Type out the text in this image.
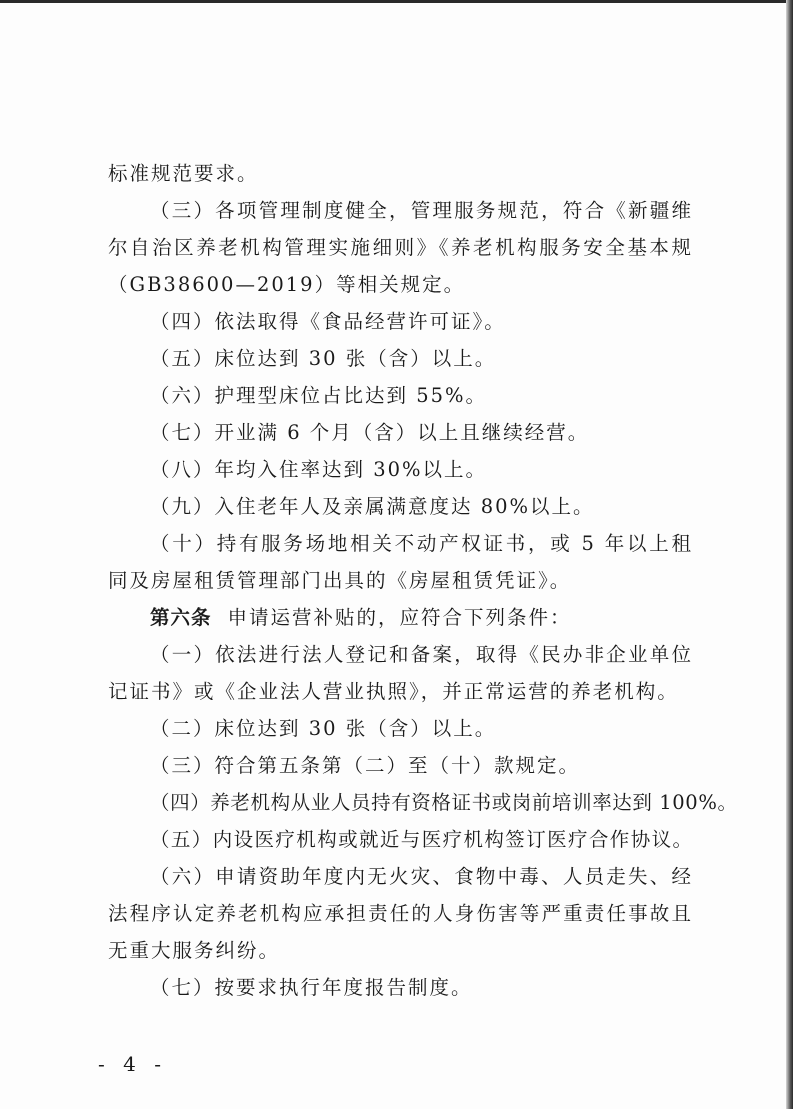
标准规范要求。
（三）各项管理制度健全，管理服务规范，符合《新疆维
尔自治区养老机构管理实施细则》《养老机构服务安全基本规
（GB38600—2019）等相关规定。
（四）依法取得《食品经营许可证》。
（五）床位达到 30 张（含）以上。
（六）护理型床位占比达到 55%。
（七）开业满 6 个月（含）以上且继续经营。
（八）年均入住率达到 30%以上。
（九）入住老年人及亲属满意度达 80%以上。
（十）持有服务场地相关不动产权证书，或 5 年以上租
同及房屋租赁管理部门出具的《房屋租赁凭证》。
第六条 申请运营补贴的，应符合下列条件：
（一）依法进行法人登记和备案，取得《民办非企业单位
记证书》或《企业法人营业执照》，并正常运营的养老机构。
（二）床位达到 30 张（含）以上。
（三）符合第五条第（二）至（十）款规定。
（四）养老机构从业人员持有资格证书或岗前培训率达到 100%。
（五）内设医疗机构或就近与医疗机构签订医疗合作协议。
（六）申请资助年度内无火灾、食物中毒、人员走失、经
法程序认定养老机构应承担责任的人身伤害等严重责任事故且
无重大服务纠纷。
（七）按要求执行年度报告制度。
- 4 -
